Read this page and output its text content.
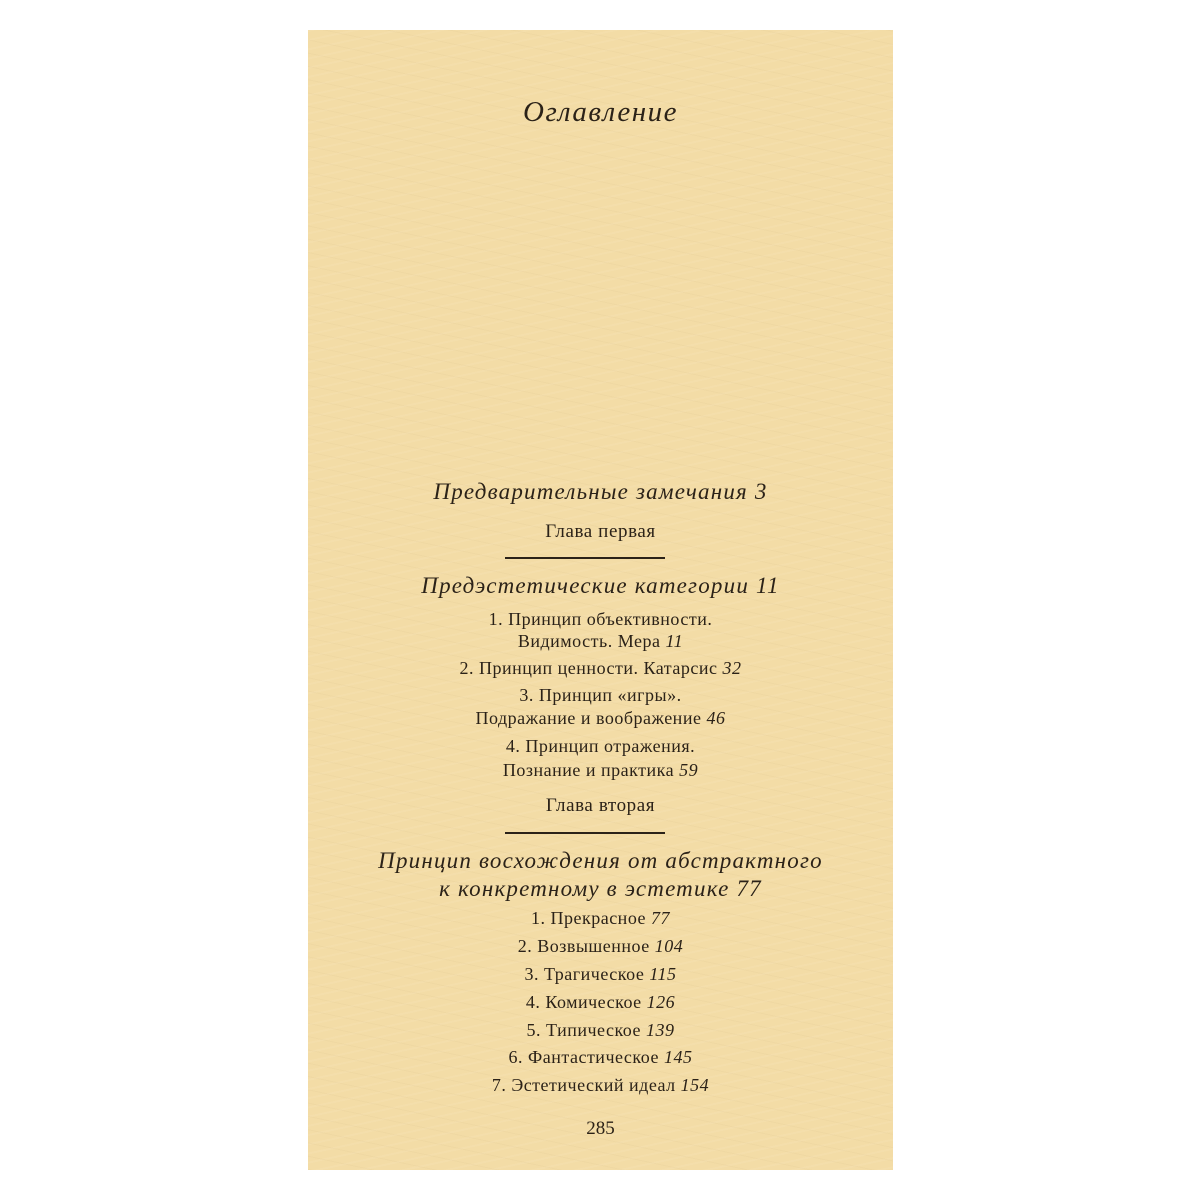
Оглавление
Предварительные замечания 3
Глава первая
Предэстетические категории 11
1. Принцип объективности.
Видимость. Мера 11
2. Принцип ценности. Катарсис 32
3. Принцип «игры».
Подражание и воображение 46
4. Принцип отражения.
Познание и практика 59
Глава вторая
Принцип восхождения от абстрактного
к конкретному в эстетике 77
1. Прекрасное 77
2. Возвышенное 104
3. Трагическое 115
4. Комическое 126
5. Типическое 139
6. Фантастическое 145
7. Эстетический идеал 154
285
